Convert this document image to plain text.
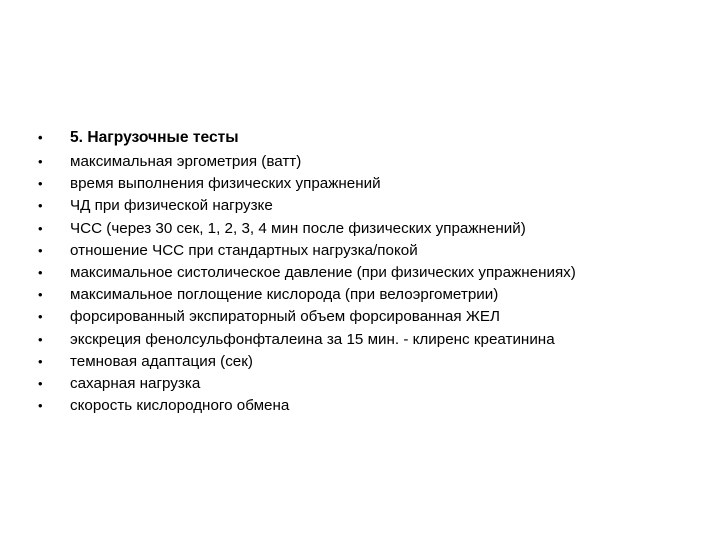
•	5. Нагрузочные тесты
•	максимальная эргометрия (ватт)
•	время выполнения физических упражнений
•	ЧД при физической нагрузке
•	ЧСС (через 30 сек, 1, 2, 3, 4 мин после физических упражнений)
•	отношение ЧСС при стандартных нагрузка/покой
•	максимальное систолическое давление (при физических упражнениях)
•	максимальное поглощение кислорода (при велоэргометрии)
•	форсированный экспираторный объем форсированная ЖЕЛ
•	экскреция фенолсульфонфталеина за 15 мин. - клиренс креатинина
•	темновая адаптация (сек)
•	сахарная нагрузка
•	скорость кислородного обмена
